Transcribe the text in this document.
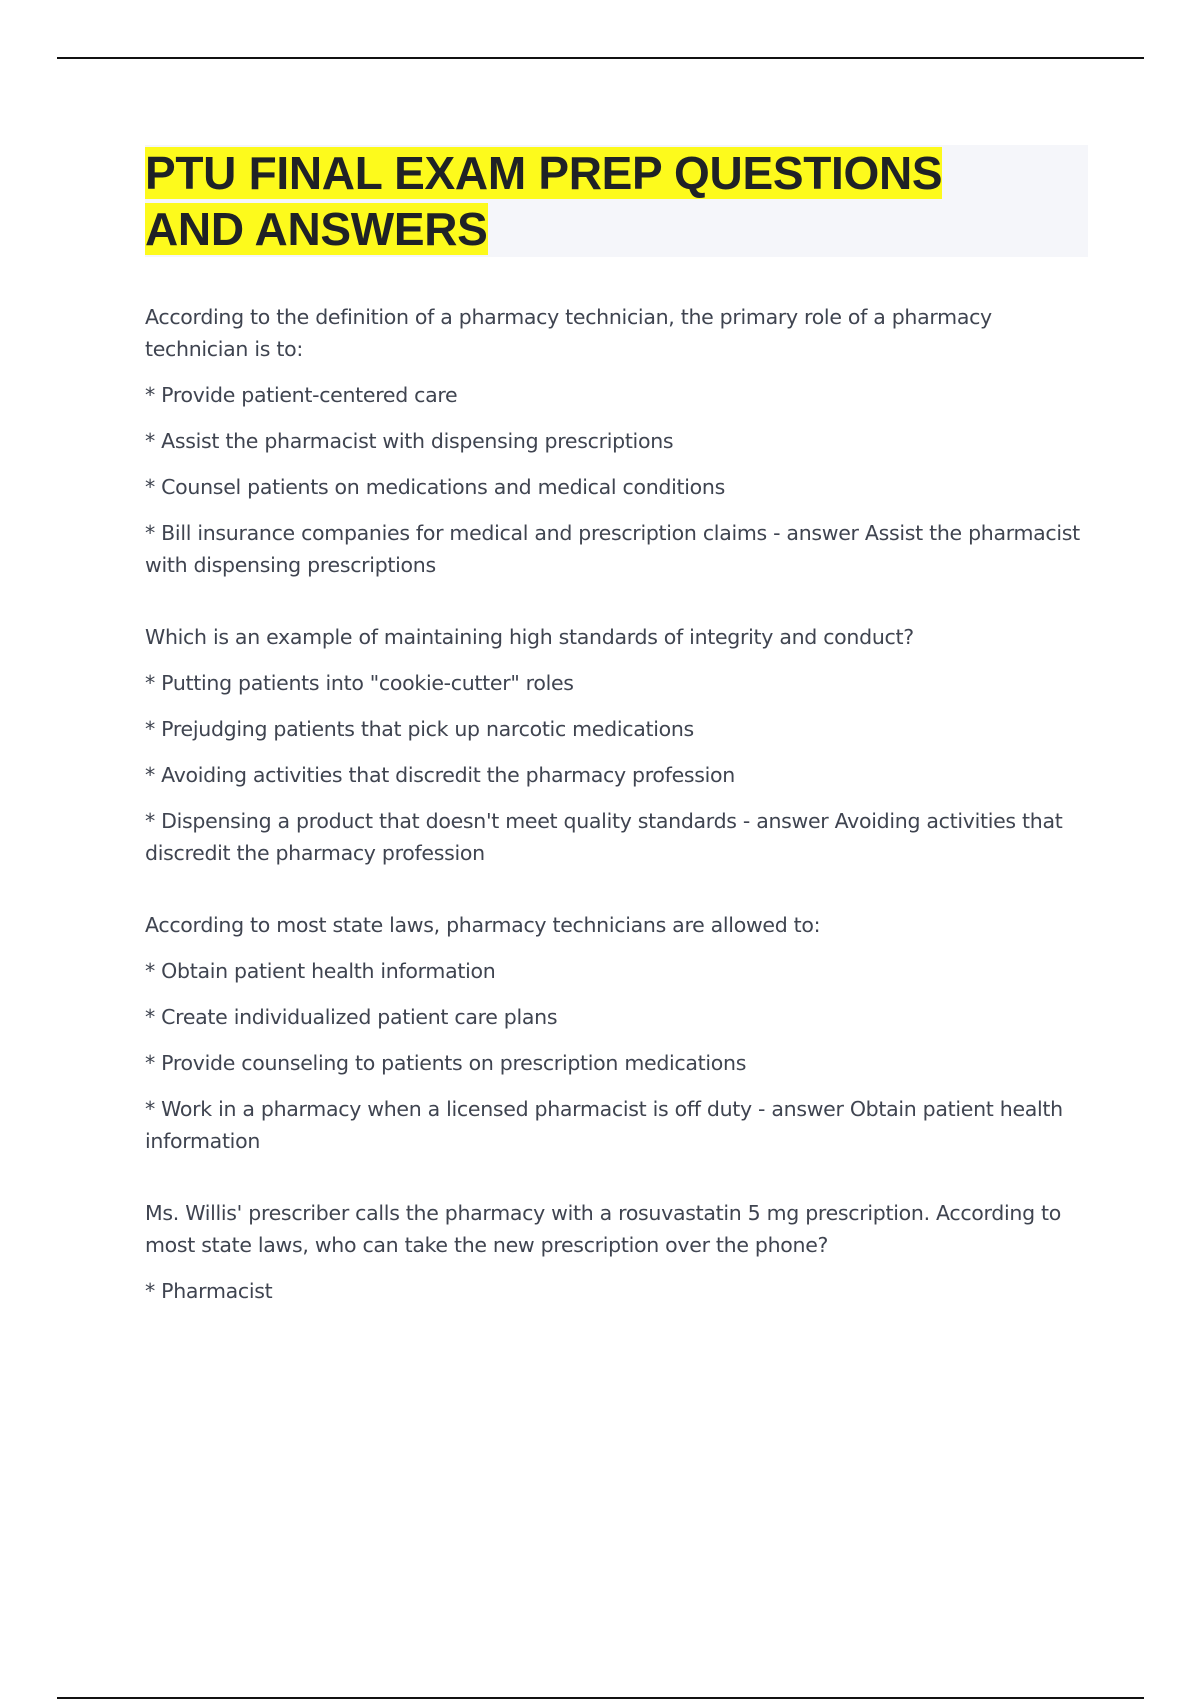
PTU FINAL EXAM PREP QUESTIONS
AND ANSWERS

According to the definition of a pharmacy technician, the primary role of a pharmacy technician is to:

* Provide patient-centered care

* Assist the pharmacist with dispensing prescriptions

* Counsel patients on medications and medical conditions

* Bill insurance companies for medical and prescription claims - answer Assist the pharmacist with dispensing prescriptions

Which is an example of maintaining high standards of integrity and conduct?

* Putting patients into "cookie-cutter" roles

* Prejudging patients that pick up narcotic medications

* Avoiding activities that discredit the pharmacy profession

* Dispensing a product that doesn't meet quality standards - answer Avoiding activities that discredit the pharmacy profession

According to most state laws, pharmacy technicians are allowed to:

* Obtain patient health information

* Create individualized patient care plans

* Provide counseling to patients on prescription medications

* Work in a pharmacy when a licensed pharmacist is off duty - answer Obtain patient health information

Ms. Willis' prescriber calls the pharmacy with a rosuvastatin 5 mg prescription. According to most state laws, who can take the new prescription over the phone?

* Pharmacist
